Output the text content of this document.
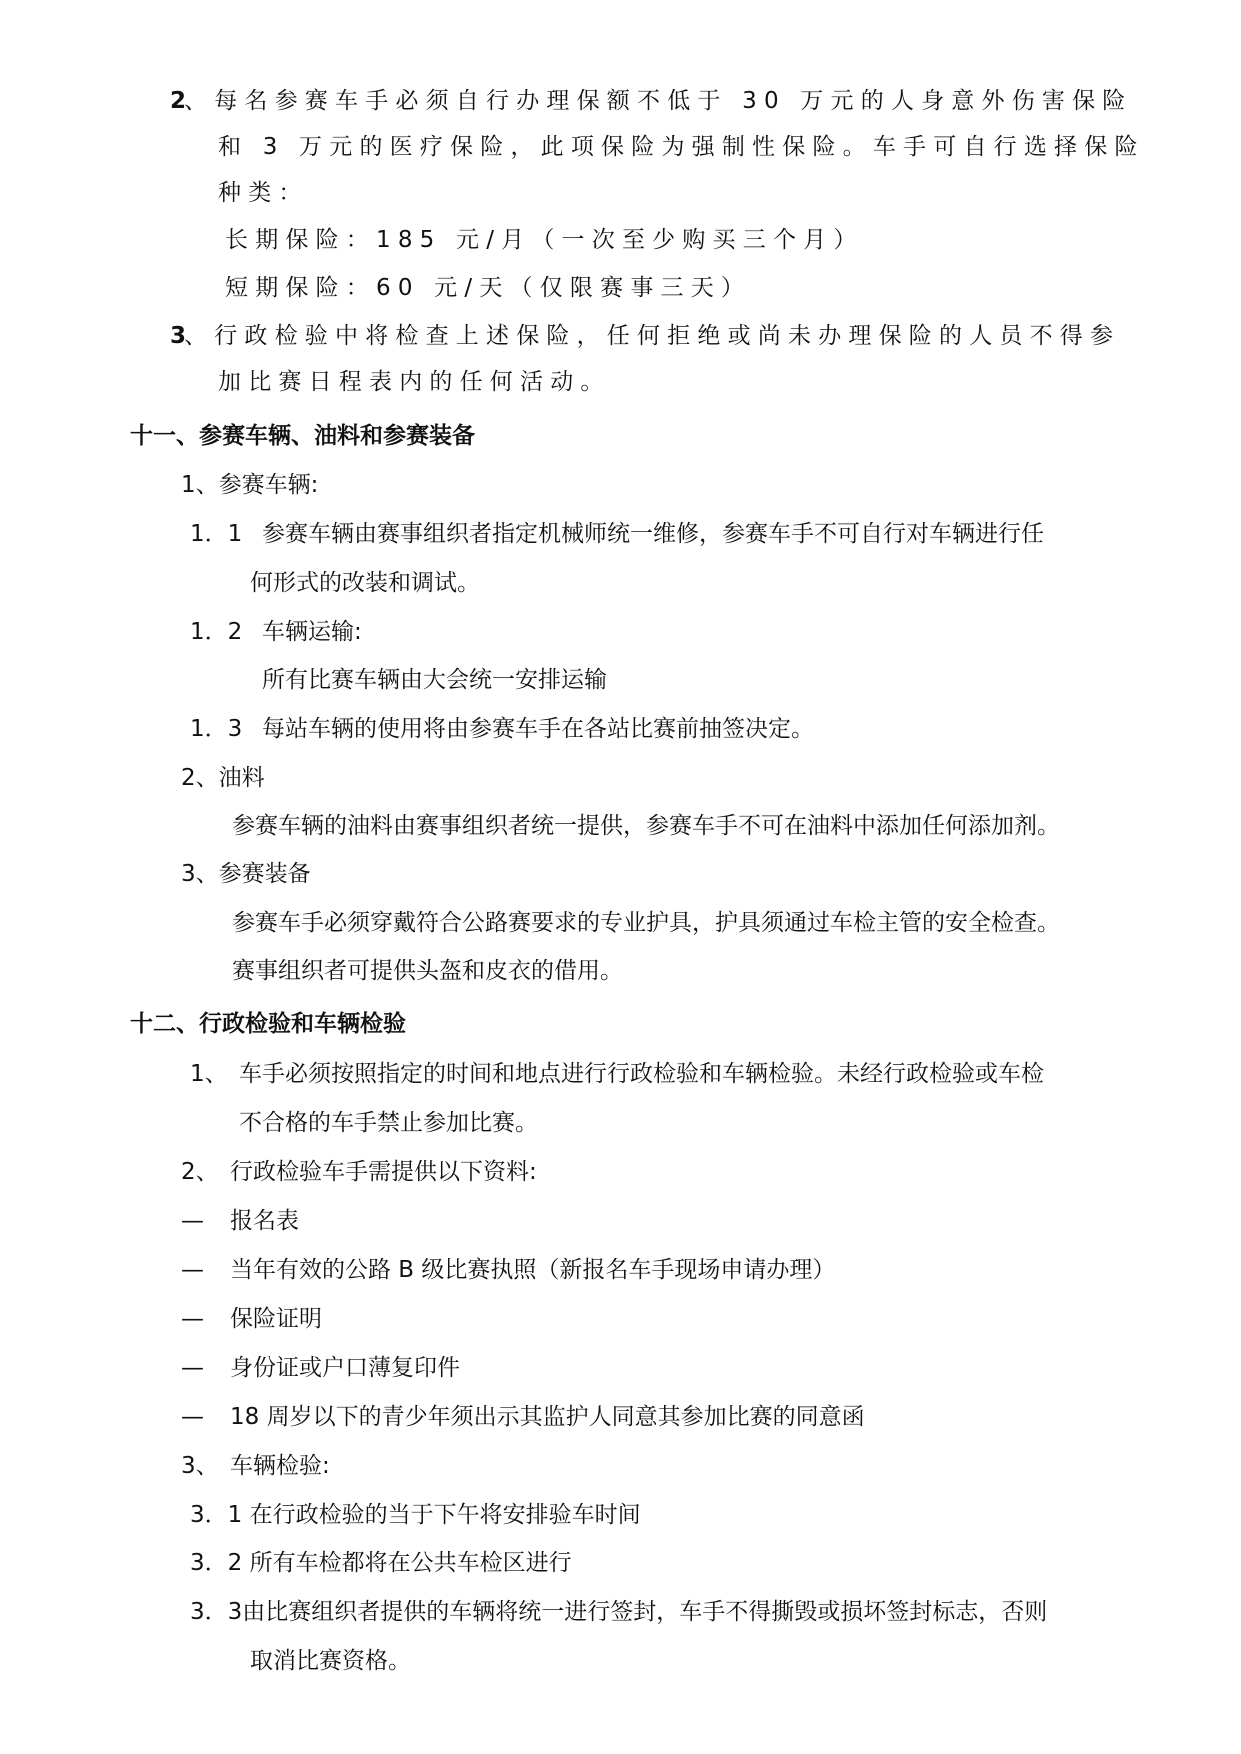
2
、每名参赛车手必须自行办理保额不低于 30 万元的人身意外伤害保险
和 3 万元的医疗保险，此项保险为强制性保险。车手可自行选择保险
种类：
长期保险：185 元/月（一次至少购买三个月）
短期保险：60 元/天（仅限赛事三天）
3
、行政检验中将检查上述保险，任何拒绝或尚未办理保险的人员不得参
加比赛日程表内的任何活动。
十一、参赛车辆、油料和参赛装备
1、参赛车辆:
1．1 参赛车辆由赛事组织者指定机械师统一维修，参赛车手不可自行对车辆进行任
何形式的改装和调试。
1．2 车辆运输:
所有比赛车辆由大会统一安排运输
1．3 每站车辆的使用将由参赛车手在各站比赛前抽签决定。
2、油料
参赛车辆的油料由赛事组织者统一提供，参赛车手不可在油料中添加任何添加剂。
3、参赛装备
参赛车手必须穿戴符合公路赛要求的专业护具，护具须通过车检主管的安全检查。
赛事组织者可提供头盔和皮衣的借用。
十二、行政检验和车辆检验
1、 车手必须按照指定的时间和地点进行行政检验和车辆检验。未经行政检验或车检
不合格的车手禁止参加比赛。
2、 行政检验车手需提供以下资料:
— 报名表
— 当年有效的公路 B 级比赛执照（新报名车手现场申请办理）
— 保险证明
— 身份证或户口薄复印件
— 18 周岁以下的青少年须出示其监护人同意其参加比赛的同意函
3、 车辆检验:
3．1 在行政检验的当于下午将安排验车时间
3．2 所有车检都将在公共车检区进行
3．3由比赛组织者提供的车辆将统一进行签封，车手不得撕毁或损坏签封标志，否则
取消比赛资格。
